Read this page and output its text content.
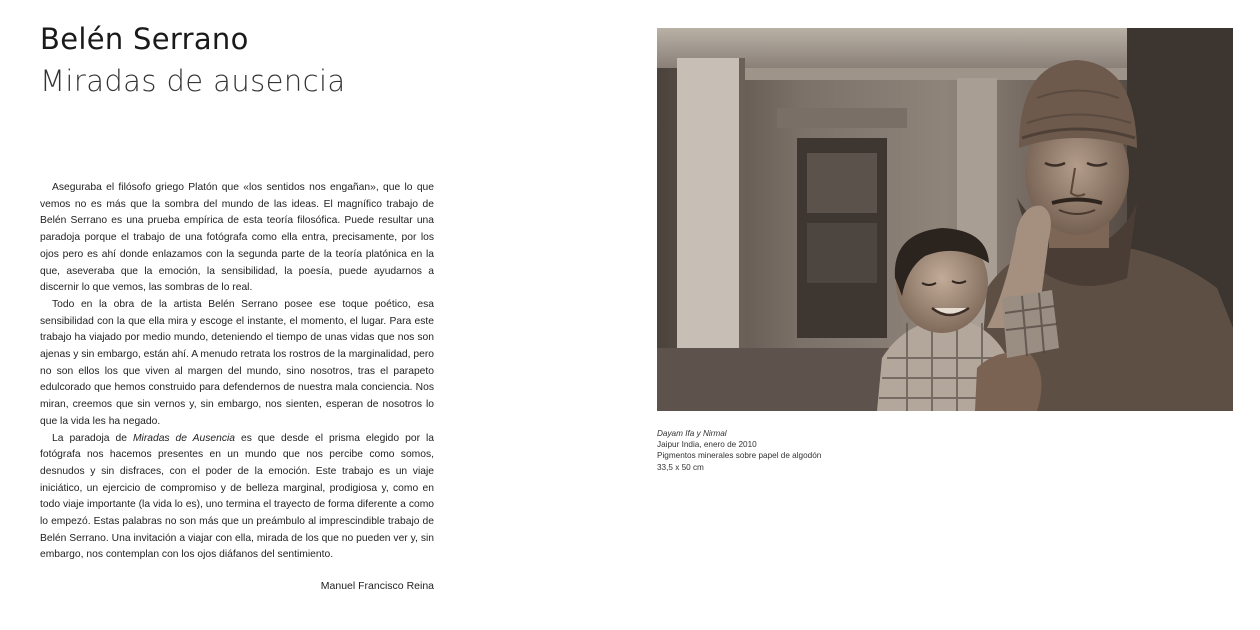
Belén Serrano
Miradas de ausencia

Aseguraba el filósofo griego Platón que «los sentidos nos engañan», que lo que vemos no es más que la sombra del mundo de las ideas. El magnífico trabajo de Belén Serrano es una prueba empírica de esta teoría filosófica. Puede resultar una paradoja porque el trabajo de una fotógrafa como ella entra, precisamente, por los ojos pero es ahí donde enlazamos con la segunda parte de la teoría platónica en la que, aseveraba que la emoción, la sensibilidad, la poesía, puede ayudarnos a discernir lo que vemos, las sombras de lo real.

Todo en la obra de la artista Belén Serrano posee ese toque poético, esa sensibilidad con la que ella mira y escoge el instante, el momento, el lugar. Para este trabajo ha viajado por medio mundo, deteniendo el tiempo de unas vidas que nos son ajenas y sin embargo, están ahí. A menudo retrata los rostros de la marginalidad, pero no son ellos los que viven al margen del mundo, sino nosotros, tras el parapeto edulcorado que hemos construido para defendernos de nuestra mala conciencia. Nos miran, creemos que sin vernos y, sin embargo, nos sienten, esperan de nosotros lo que la vida les ha negado.

La paradoja de Miradas de Ausencia es que desde el prisma elegido por la fotógrafa nos hacemos presentes en un mundo que nos percibe como somos, desnudos y sin disfraces, con el poder de la emoción. Este trabajo es un viaje iniciático, un ejercicio de compromiso y de belleza marginal, prodigiosa y, como en todo viaje importante (la vida lo es), uno termina el trayecto de forma diferente a como lo empezó. Estas palabras no son más que un preámbulo al imprescindible trabajo de Belén Serrano. Una invitación a viajar con ella, mirada de los que no pueden ver y, sin embargo, nos contemplan con los ojos diáfanos del sentimiento.

Manuel Francisco Reina
Dayam Ifa y Nirmal
Jaipur India, enero de 2010
Pigmentos minerales sobre papel de algodón
33,5 x 50 cm
